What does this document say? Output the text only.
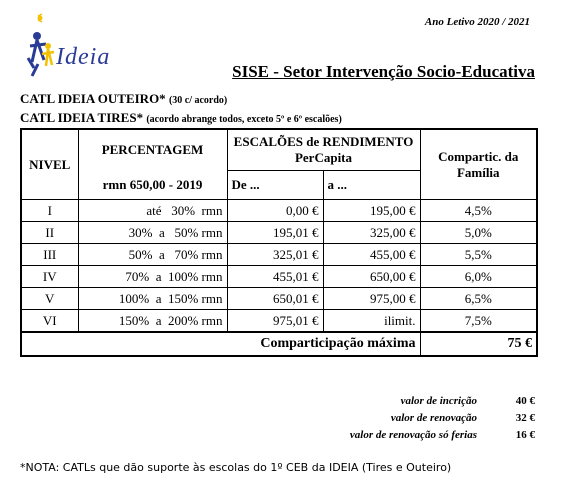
Ano Letivo 2020 / 2021
Ideia
SISE - Setor Intervenção Socio-Educativa
CATL IDEIA OUTEIRO* (30 c/ acordo)
CATL IDEIA TIRES* (acordo abrange todos, exceto 5º e 6º escalões)
NIVEL	PERCENTAGEM	ESCALÕES de RENDIMENTO PerCapita		Compartic. da Família
	rmn 650,00 - 2019	De ...	a ...	
I	até   30%  rmn	0,00 €	195,00 €	4,5%
II	30%  a   50% rmn	195,01 €	325,00 €	5,0%
III	50%  a   70% rmn	325,01 €	455,00 €	5,5%
IV	70%  a  100% rmn	455,01 €	650,00 €	6,0%
V	100%  a  150% rmn	650,01 €	975,00 €	6,5%
VI	150%  a  200% rmn	975,01 €	ilimit.	7,5%
Comparticipação máxima				75 €
valor de incrição	40 €
valor de renovação	32 €
valor de renovação só ferias	16 €
*NOTA: CATLs que dão suporte às escolas do 1º CEB da IDEIA (Tires e Outeiro)
